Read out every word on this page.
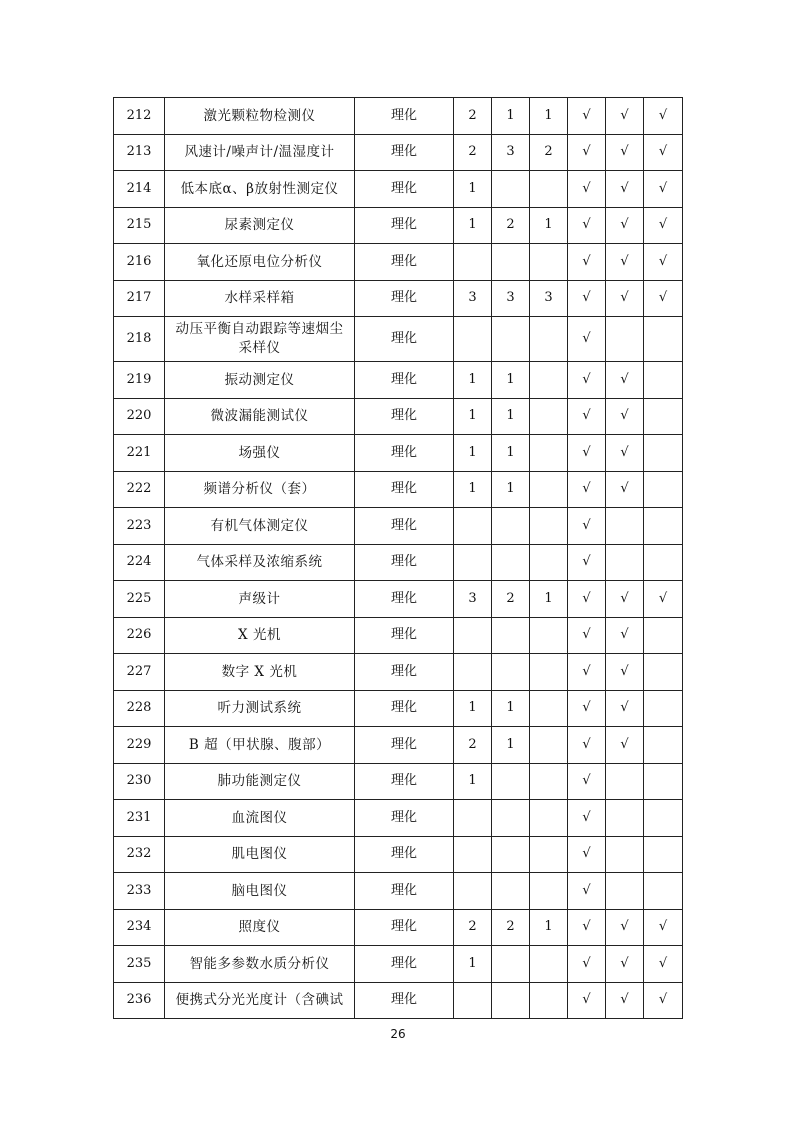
212	激光颗粒物检测仪	理化	2	1	1	√	√	√
213	风速计/噪声计/温湿度计	理化	2	3	2	√	√	√
214	低本底α、β放射性测定仪	理化	1			√	√	√
215	尿素测定仪	理化	1	2	1	√	√	√
216	氧化还原电位分析仪	理化				√	√	√
217	水样采样箱	理化	3	3	3	√	√	√
218	动压平衡自动跟踪等速烟尘采样仪	理化				√		
219	振动测定仪	理化	1	1		√	√	
220	微波漏能测试仪	理化	1	1		√	√	
221	场强仪	理化	1	1		√	√	
222	频谱分析仪（套）	理化	1	1		√	√	
223	有机气体测定仪	理化				√		
224	气体采样及浓缩系统	理化				√		
225	声级计	理化	3	2	1	√	√	√
226	X 光机	理化				√	√	
227	数字 X 光机	理化				√	√	
228	听力测试系统	理化	1	1		√	√	
229	B 超（甲状腺、腹部）	理化	2	1		√	√	
230	肺功能测定仪	理化	1			√		
231	血流图仪	理化				√		
232	肌电图仪	理化				√		
233	脑电图仪	理化				√		
234	照度仪	理化	2	2	1	√	√	√
235	智能多参数水质分析仪	理化	1			√	√	√
236	便携式分光光度计（含碘试	理化				√	√	√
26
